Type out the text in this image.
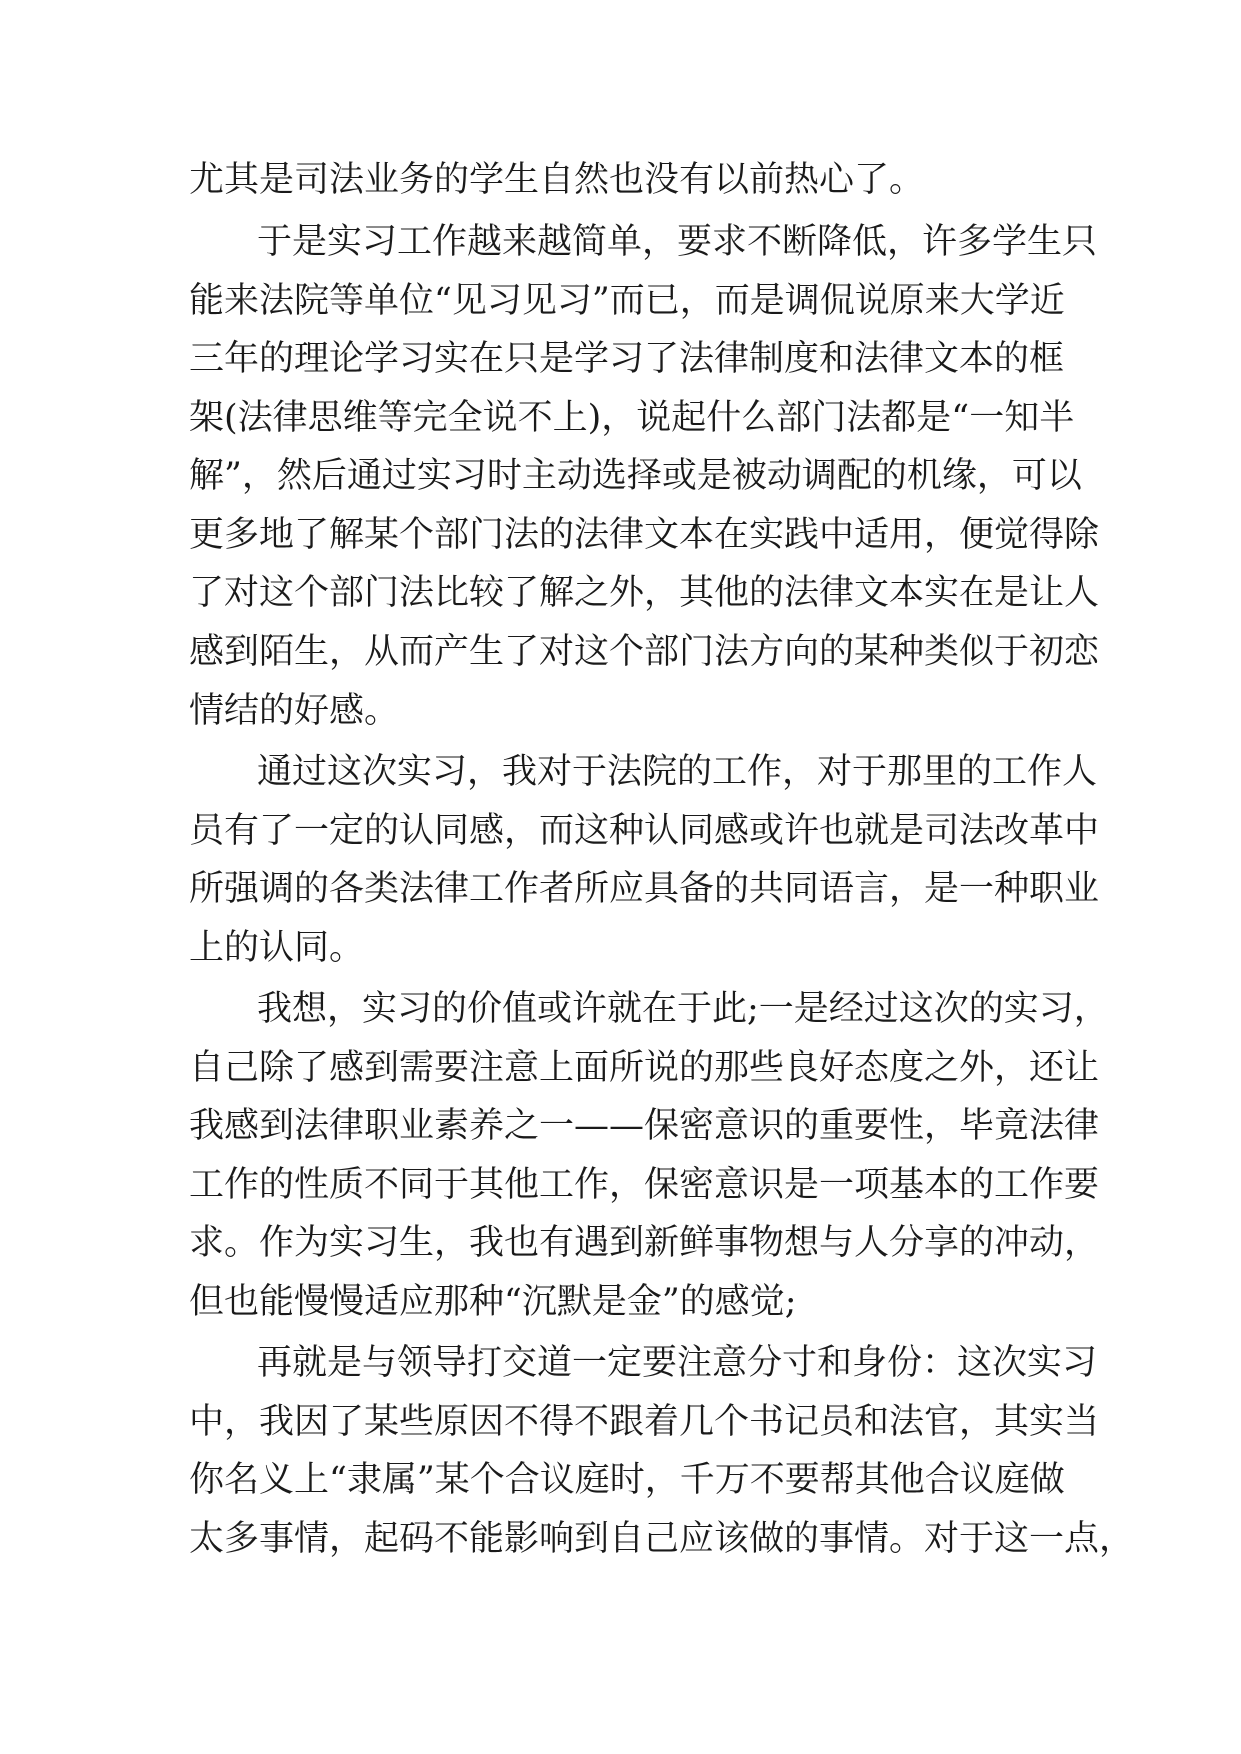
尤其是司法业务的学生自然也没有以前热心了。
于是实习工作越来越简单，要求不断降低，许多学生只
能来法院等单位“见习见习”而已，而是调侃说原来大学近
三年的理论学习实在只是学习了法律制度和法律文本的框
架(法律思维等完全说不上)，说起什么部门法都是“一知半
解”，然后通过实习时主动选择或是被动调配的机缘，可以
更多地了解某个部门法的法律文本在实践中适用，便觉得除
了对这个部门法比较了解之外，其他的法律文本实在是让人
感到陌生，从而产生了对这个部门法方向的某种类似于初恋
情结的好感。
通过这次实习，我对于法院的工作，对于那里的工作人
员有了一定的认同感，而这种认同感或许也就是司法改革中
所强调的各类法律工作者所应具备的共同语言，是一种职业
上的认同。
我想，实习的价值或许就在于此;一是经过这次的实习，
自己除了感到需要注意上面所说的那些良好态度之外，还让
我感到法律职业素养之一——保密意识的重要性，毕竟法律
工作的性质不同于其他工作，保密意识是一项基本的工作要
求。作为实习生，我也有遇到新鲜事物想与人分享的冲动，
但也能慢慢适应那种“沉默是金”的感觉;
再就是与领导打交道一定要注意分寸和身份：这次实习
中，我因了某些原因不得不跟着几个书记员和法官，其实当
你名义上“隶属”某个合议庭时，千万不要帮其他合议庭做
太多事情，起码不能影响到自己应该做的事情。对于这一点，
